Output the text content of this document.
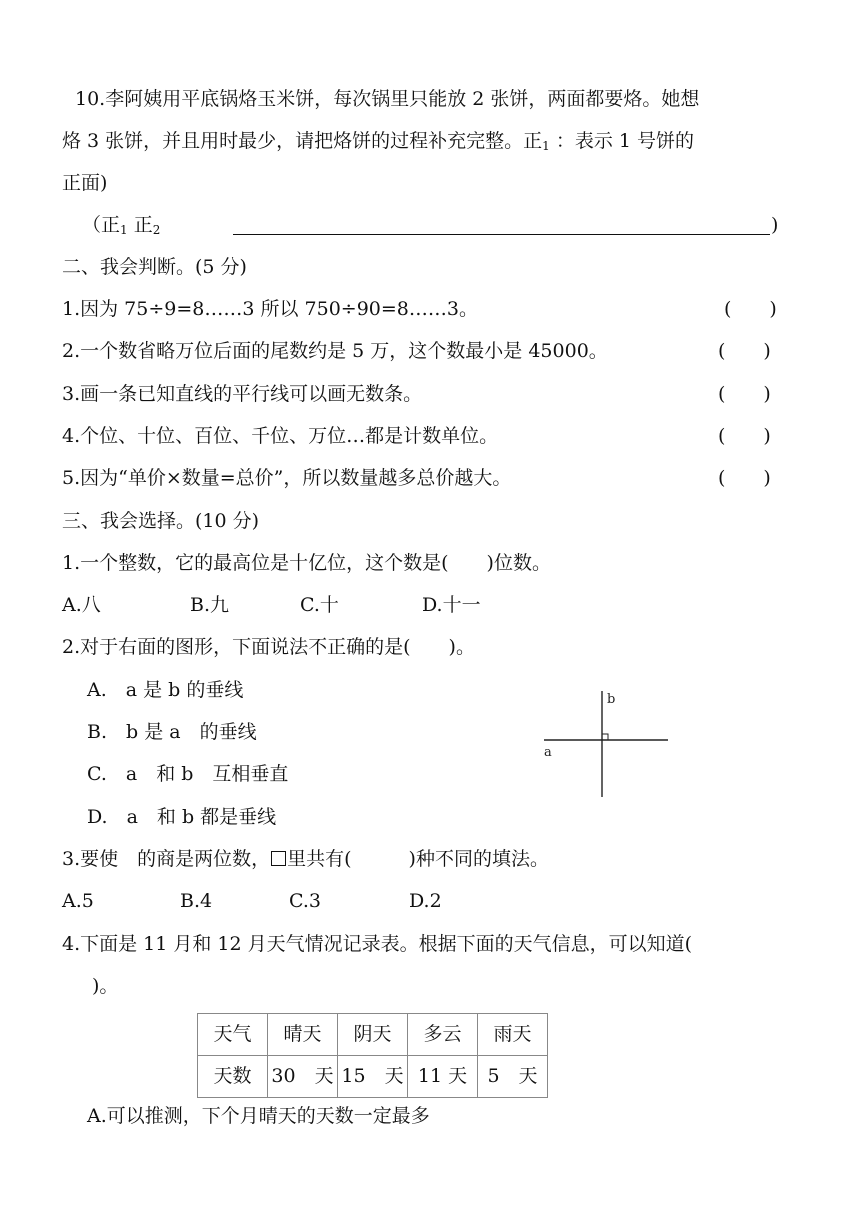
10.李阿姨用平底锅烙玉米饼，每次锅里只能放 2 张饼，两面都要烙。她想
烙 3 张饼，并且用时最少，请把烙饼的过程补充完整。正$_1$ ：表示 1 号饼的
正面)
（正$_1$ 正$_2$	)
二、我会判断。(5 分)
1.因为 75÷9=8……3 所以 750÷90=8……3。	(　　)
2.一个数省略万位后面的尾数约是 5 万，这个数最小是 45000。	(　　)
3.画一条已知直线的平行线可以画无数条。	(　　)
4.个位、十位、百位、千位、万位…都是计数单位。	(　　)
5.因为“单价×数量=总价”，所以数量越多总价越大。	(　　)
三、我会选择。(10 分)
1.一个整数，它的最高位是十亿位，这个数是(　　)位数。
A.八	B.九	C.十	D.十一
2.对于右面的图形，下面说法不正确的是(　　)。
A.　a 是 b 的垂线
B.　b 是 a　的垂线
C.　a　和 b　互相垂直
D.　a　和 b 都是垂线
b
a
3.要使　的商是两位数， 里共有(　　　)种不同的填法。
A.5	B.4	C.3	D.2
4.下面是 11 月和 12 月天气情况记录表。根据下面的天气信息，可以知道(
)。
天气	晴天	阴天	多云	雨天
天数	30　天	15　天	11 天	5　天
A.可以推测，下个月晴天的天数一定最多
